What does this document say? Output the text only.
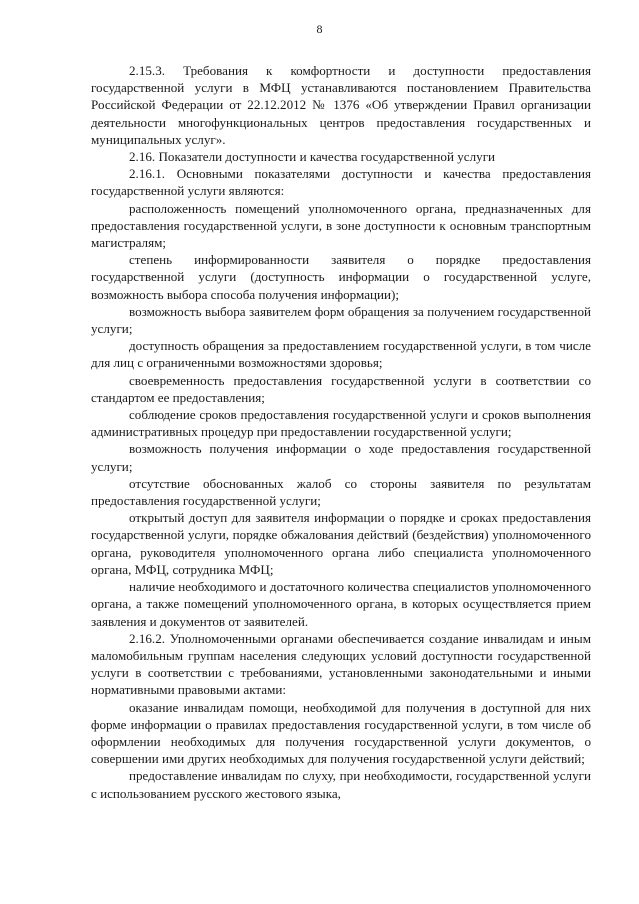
8

2.15.3. Требования к комфортности и доступности предоставления государственной услуги в МФЦ устанавливаются постановлением Правительства Российской Федерации от 22.12.2012 № 1376 «Об утверждении Правил организации деятельности многофункциональных центров предоставления государственных и муниципальных услуг».

2.16. Показатели доступности и качества государственной услуги

2.16.1. Основными показателями доступности и качества предоставления государственной услуги являются:

расположенность помещений уполномоченного органа, предназначенных для предоставления государственной услуги, в зоне доступности к основным транспортным магистралям;

степень информированности заявителя о порядке предоставления государственной услуги (доступность информации о государственной услуге, возможность выбора способа получения информации);

возможность выбора заявителем форм обращения за получением государственной услуги;

доступность обращения за предоставлением государственной услуги, в том числе для лиц с ограниченными возможностями здоровья;

своевременность предоставления государственной услуги в соответствии со стандартом ее предоставления;

соблюдение сроков предоставления государственной услуги и сроков выполнения административных процедур при предоставлении государственной услуги;

возможность получения информации о ходе предоставления государственной услуги;

отсутствие обоснованных жалоб со стороны заявителя по результатам предоставления государственной услуги;

открытый доступ для заявителя информации о порядке и сроках предоставления государственной услуги, порядке обжалования действий (бездействия) уполномоченного органа, руководителя уполномоченного органа либо специалиста уполномоченного органа, МФЦ, сотрудника МФЦ;

наличие необходимого и достаточного количества специалистов уполномоченного органа, а также помещений уполномоченного органа, в которых осуществляется прием заявления и документов от заявителей.

2.16.2. Уполномоченными органами обеспечивается создание инвалидам и иным маломобильным группам населения следующих условий доступности государственной услуги в соответствии с требованиями, установленными законодательными и иными нормативными правовыми актами:

оказание инвалидам помощи, необходимой для получения в доступной для них форме информации о правилах предоставления государственной услуги, в том числе об оформлении необходимых для получения государственной услуги документов, о совершении ими других необходимых для получения государственной услуги действий;

предоставление инвалидам по слуху, при необходимости, государственной услуги с использованием русского жестового языка,
